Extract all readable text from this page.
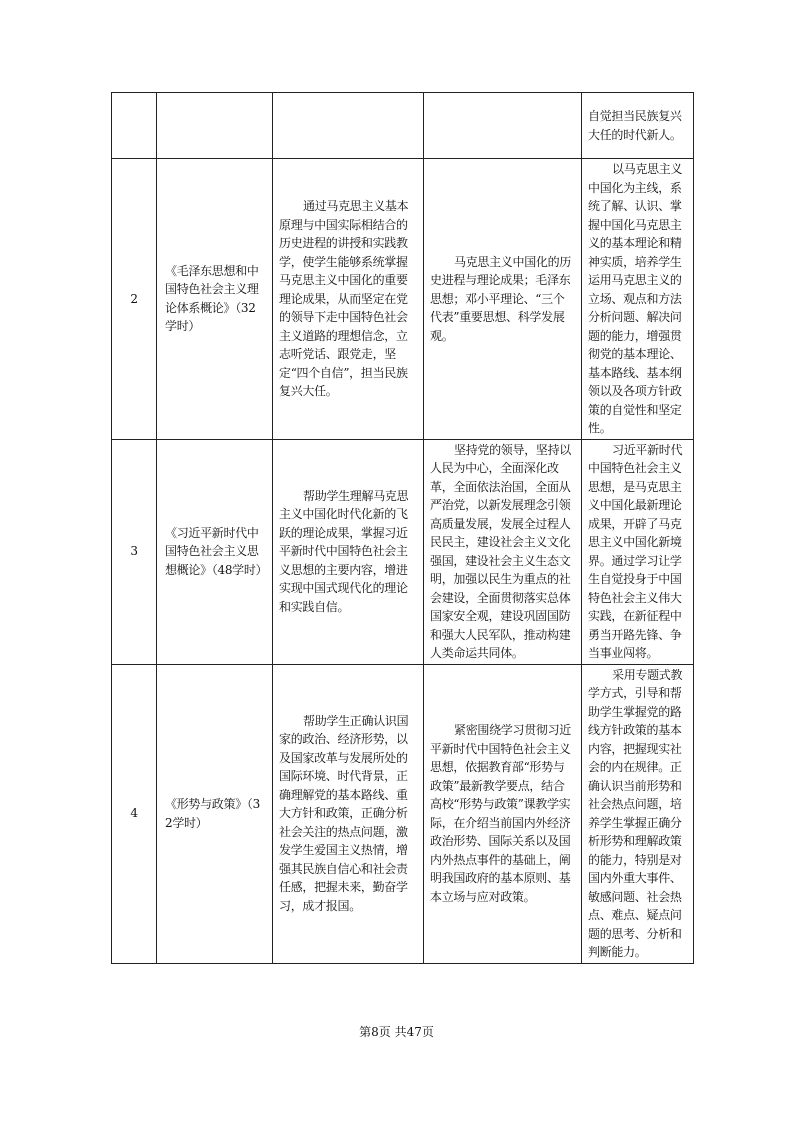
				自觉担当民族复兴大任的时代新人。
2	《毛泽东思想和中国特色社会主义理论体系概论》（32学时）	通过马克思主义基本原理与中国实际相结合的历史进程的讲授和实践教学，使学生能够系统掌握马克思主义中国化的重要理论成果，从而坚定在党的领导下走中国特色社会主义道路的理想信念，立志听党话、跟党走，坚定“四个自信”，担当民族复兴大任。	马克思主义中国化的历史进程与理论成果；毛泽东思想；邓小平理论、“三个代表”重要思想、科学发展观。	以马克思主义中国化为主线，系统了解、认识、掌握中国化马克思主义的基本理论和精神实质，培养学生运用马克思主义的立场、观点和方法分析问题、解决问题的能力，增强贯彻党的基本理论、基本路线、基本纲领以及各项方针政策的自觉性和坚定性。

3	《习近平新时代中国特色社会主义思想概论》（48学时）	帮助学生理解马克思主义中国化时代化新的飞跃的理论成果，掌握习近平新时代中国特色社会主义思想的主要内容，增进实现中国式现代化的理论和实践自信。	坚持党的领导，坚持以人民为中心，全面深化改革，全面依法治国，全面从严治党，以新发展理念引领高质量发展，发展全过程人民民主，建设社会主义文化强国，建设社会主义生态文明，加强以民生为重点的社会建设，全面贯彻落实总体国家安全观，建设巩固国防和强大人民军队，推动构建人类命运共同体。	习近平新时代中国特色社会主义思想，是马克思主义中国化最新理论成果，开辟了马克思主义中国化新境界。通过学习让学生自觉投身于中国特色社会主义伟大实践，在新征程中勇当开路先锋、争当事业闯将。

4	《形势与政策》（32学时）	帮助学生正确认识国家的政治、经济形势，以及国家改革与发展所处的国际环境、时代背景，正确理解党的基本路线、重大方针和政策，正确分析社会关注的热点问题，激发学生爱国主义热情，增强其民族自信心和社会责任感，把握未来，勤奋学习，成才报国。	紧密围绕学习贯彻习近平新时代中国特色社会主义思想，依据教育部“形势与政策”最新教学要点，结合高校“形势与政策”课教学实际，在介绍当前国内外经济政治形势、国际关系以及国内外热点事件的基础上，阐明我国政府的基本原则、基本立场与应对政策。	采用专题式教学方式，引导和帮助学生掌握党的路线方针政策的基本内容，把握现实社会的内在规律。正确认识当前形势和社会热点问题，培养学生掌握正确分析形势和理解政策的能力，特别是对国内外重大事件、敏感问题、社会热点、难点、疑点问题的思考、分析和判断能力。

第8页 共47页
